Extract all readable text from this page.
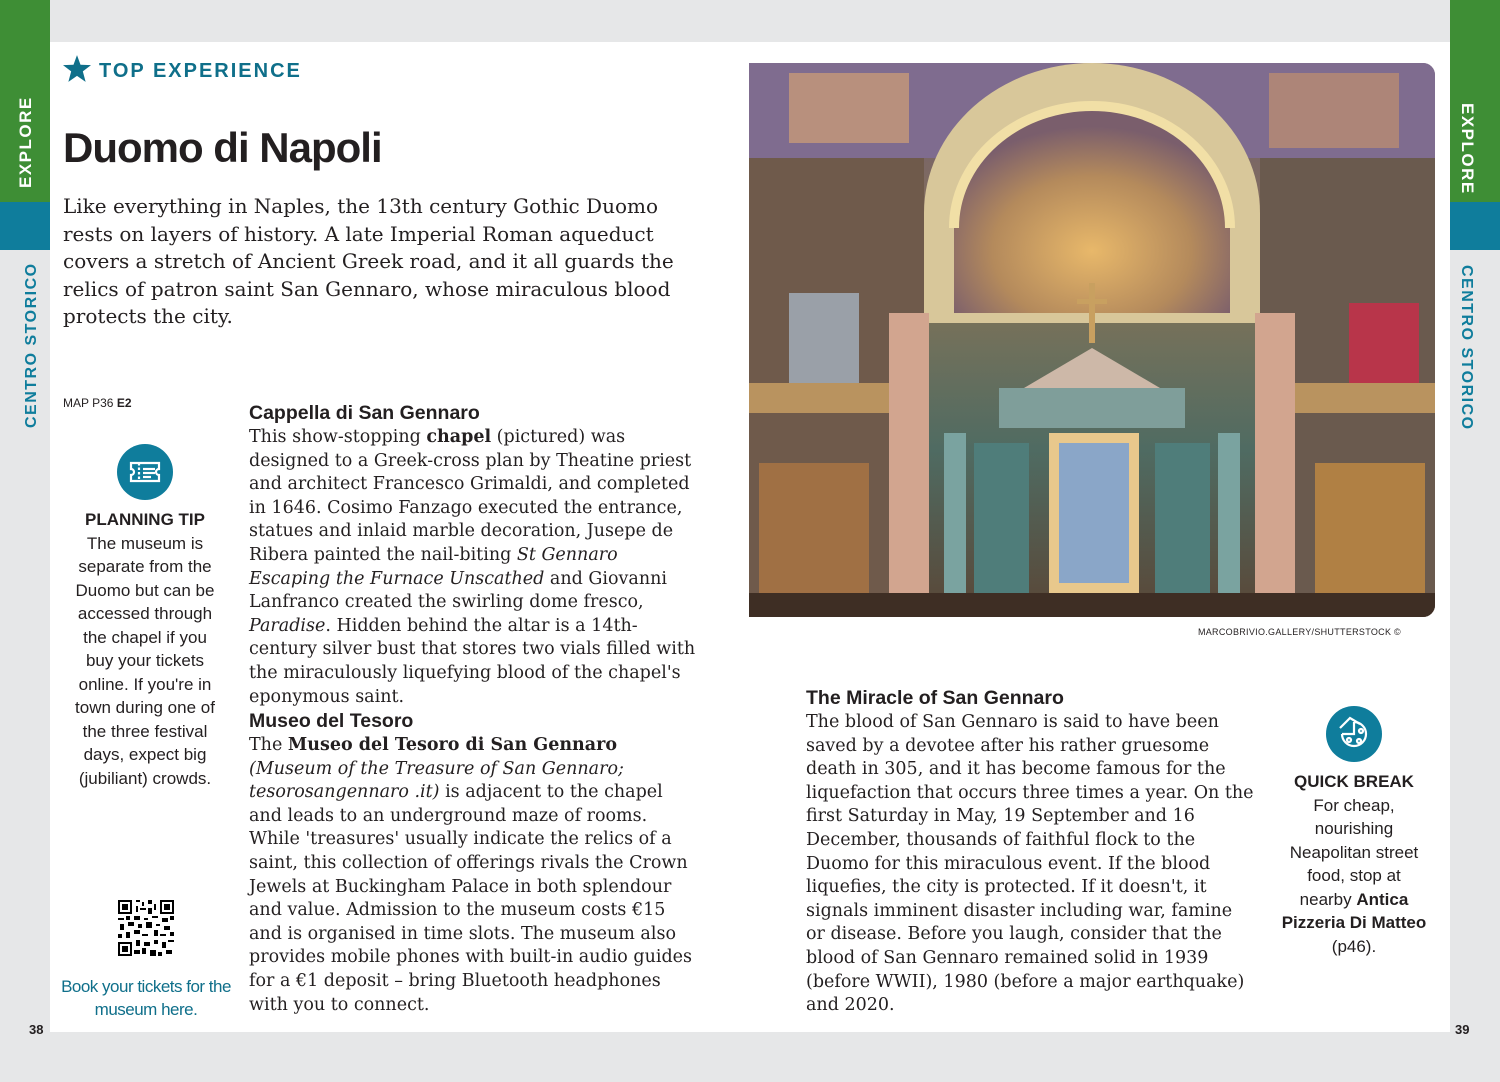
EXPLORE
CENTRO STORICO
EXPLORE
CENTRO STORICO
TOP EXPERIENCE
Duomo di Napoli

Like everything in Naples, the 13th century Gothic Duomo rests on layers of history. A late Imperial Roman aqueduct covers a stretch of Ancient Greek road, and it all guards the relics of patron saint San Gennaro, whose miraculous blood protects the city.

MAP P36 E2
PLANNING TIP
The museum is separate from the Duomo but can be accessed through the chapel if you buy your tickets online. If you're in town during one of the three festival days, expect big (jubiliant) crowds.
Book your tickets for the museum here.
Cappella di San Gennaro

This show-stopping chapel (pictured) was designed to a Greek-cross plan by Theatine priest and architect Francesco Grimaldi, and completed in 1646. Cosimo Fanzago executed the entrance, statues and inlaid marble decoration, Jusepe de Ribera painted the nail-biting St Gennaro Escaping the Furnace Unscathed and Giovanni Lanfranco created the swirling dome fresco, Paradise. Hidden behind the altar is a 14th-century silver bust that stores two vials filled with the miraculously liquefying blood of the chapel's eponymous saint.

Museo del Tesoro

The Museo del Tesoro di San Gennaro (Museum of the Treasure of San Gennaro; tesorosangennaro .it) is adjacent to the chapel and leads to an underground maze of rooms. While 'treasures' usually indicate the relics of a saint, this collection of offerings rivals the Crown Jewels at Buckingham Palace in both splendour and value. Admission to the museum costs €15 and is organised in time slots. The museum also provides mobile phones with built-in audio guides for a €1 deposit – bring Bluetooth headphones with you to connect.

MARCOBRIVIO.GALLERY/SHUTTERSTOCK ©
The Miracle of San Gennaro

The blood of San Gennaro is said to have been saved by a devotee after his rather gruesome death in 305, and it has become famous for the liquefaction that occurs three times a year. On the first Saturday in May, 19 September and 16 December, thousands of faithful flock to the Duomo for this miraculous event. If the blood liquefies, the city is protected. If it doesn't, it signals imminent disaster including war, famine or disease. Before you laugh, consider that the blood of San Gennaro remained solid in 1939 (before WWII), 1980 (before a major earthquake) and 2020.

QUICK BREAK
For cheap, nourishing Neapolitan street food, stop at nearby Antica Pizzeria Di Matteo (p46).
38	39
